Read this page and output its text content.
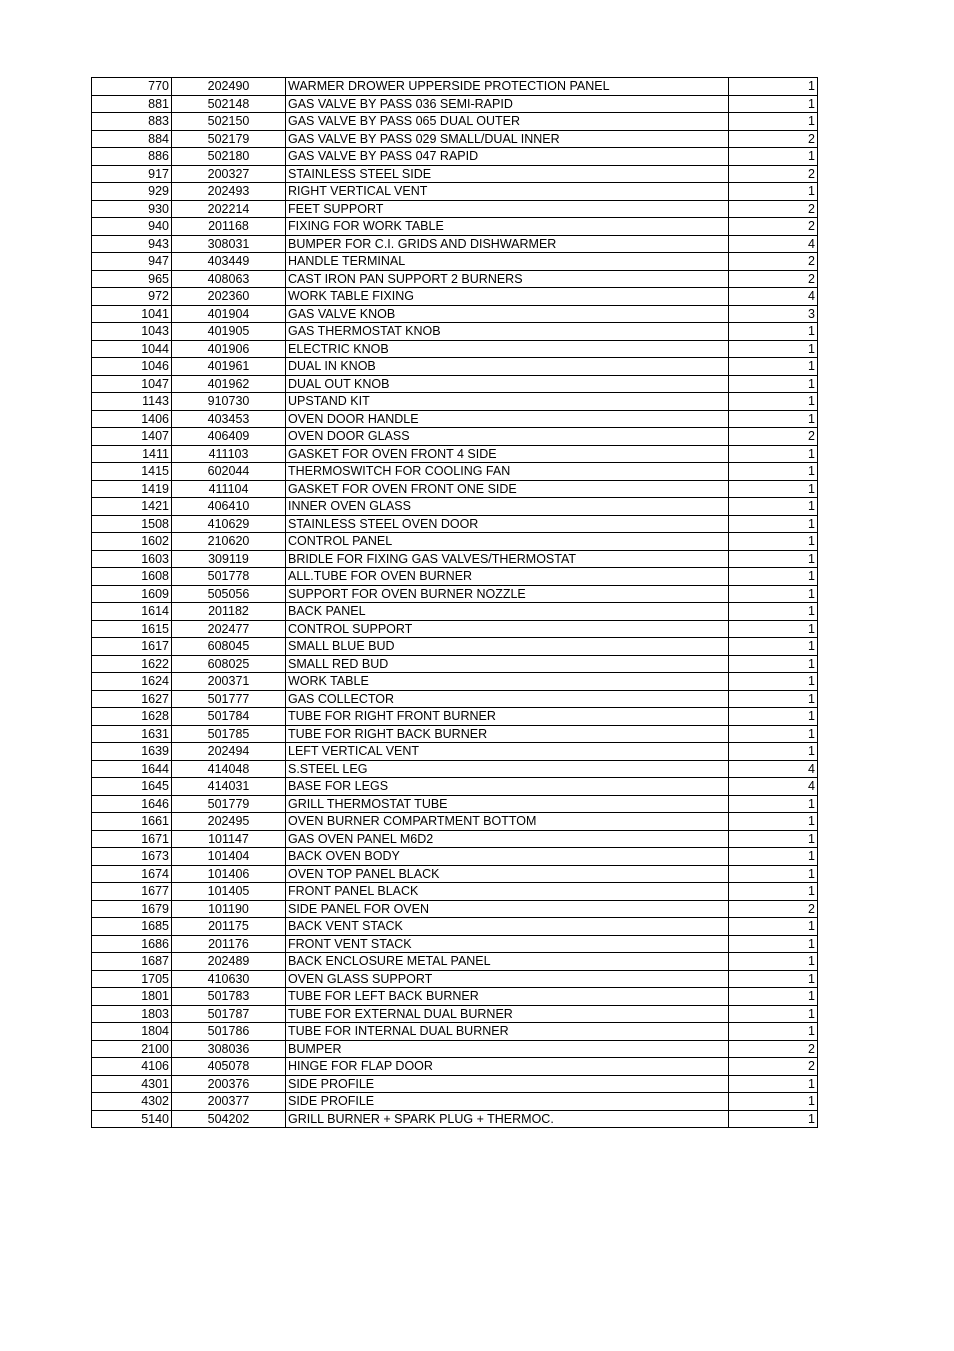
770	202490	WARMER DROWER UPPERSIDE PROTECTION PANEL	1
881	502148	GAS VALVE BY PASS 036 SEMI-RAPID	1
883	502150	GAS VALVE BY PASS 065 DUAL OUTER	1
884	502179	GAS VALVE BY PASS 029 SMALL/DUAL INNER	2
886	502180	GAS VALVE BY PASS 047 RAPID	1
917	200327	STAINLESS STEEL SIDE	2
929	202493	RIGHT VERTICAL VENT	1
930	202214	FEET SUPPORT	2
940	201168	FIXING FOR WORK TABLE	2
943	308031	BUMPER FOR C.I. GRIDS AND DISHWARMER	4
947	403449	HANDLE TERMINAL	2
965	408063	CAST IRON PAN SUPPORT 2 BURNERS	2
972	202360	WORK TABLE FIXING	4
1041	401904	GAS VALVE KNOB	3
1043	401905	GAS THERMOSTAT KNOB	1
1044	401906	ELECTRIC KNOB	1
1046	401961	DUAL IN KNOB	1
1047	401962	DUAL OUT KNOB	1
1143	910730	UPSTAND KIT	1
1406	403453	OVEN DOOR HANDLE	1
1407	406409	OVEN DOOR GLASS	2
1411	411103	GASKET FOR OVEN FRONT 4 SIDE	1
1415	602044	THERMOSWITCH FOR COOLING FAN	1
1419	411104	GASKET FOR OVEN FRONT ONE SIDE	1
1421	406410	INNER OVEN GLASS	1
1508	410629	STAINLESS STEEL OVEN DOOR	1
1602	210620	CONTROL PANEL	1
1603	309119	BRIDLE FOR FIXING GAS VALVES/THERMOSTAT	1
1608	501778	ALL.TUBE FOR OVEN BURNER	1
1609	505056	SUPPORT FOR OVEN BURNER NOZZLE	1
1614	201182	BACK PANEL	1
1615	202477	CONTROL SUPPORT	1
1617	608045	SMALL BLUE BUD	1
1622	608025	SMALL RED BUD	1
1624	200371	WORK TABLE	1
1627	501777	GAS COLLECTOR	1
1628	501784	TUBE FOR RIGHT FRONT BURNER	1
1631	501785	TUBE FOR RIGHT BACK BURNER	1
1639	202494	LEFT VERTICAL VENT	1
1644	414048	S.STEEL LEG	4
1645	414031	BASE FOR LEGS	4
1646	501779	GRILL THERMOSTAT TUBE	1
1661	202495	OVEN BURNER COMPARTMENT BOTTOM	1
1671	101147	GAS OVEN PANEL M6D2	1
1673	101404	BACK OVEN BODY	1
1674	101406	OVEN TOP PANEL BLACK	1
1677	101405	FRONT PANEL BLACK	1
1679	101190	SIDE PANEL FOR OVEN	2
1685	201175	BACK VENT STACK	1
1686	201176	FRONT VENT STACK	1
1687	202489	BACK ENCLOSURE METAL PANEL	1
1705	410630	OVEN GLASS SUPPORT	1
1801	501783	TUBE FOR LEFT BACK BURNER	1
1803	501787	TUBE FOR EXTERNAL DUAL BURNER	1
1804	501786	TUBE FOR INTERNAL DUAL BURNER	1
2100	308036	BUMPER	2
4106	405078	HINGE FOR FLAP DOOR	2
4301	200376	SIDE PROFILE	1
4302	200377	SIDE PROFILE	1
5140	504202	GRILL BURNER + SPARK PLUG + THERMOC.	1
